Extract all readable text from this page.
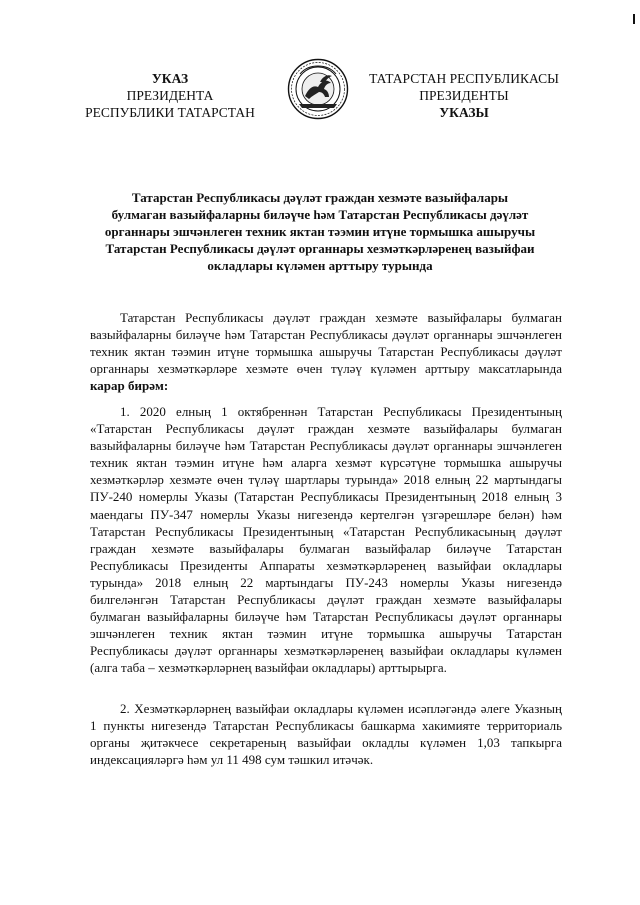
УКАЗ
ПРЕЗИДЕНТА
РЕСПУБЛИКИ ТАТАРСТАН
ТАТАРСТАН РЕСПУБЛИКАСЫ
ПРЕЗИДЕНТЫ
УКАЗЫ
Татарстан Республикасы дәүләт граждан хезмәте вазыйфалары
булмаган вазыйфаларны биләүче һәм Татарстан Республикасы дәүләт
органнары эшчәнлеген техник яктан тәэмин итүне тормышка ашыручы
Татарстан Республикасы дәүләт органнары хезмәткәрләренең вазыйфаи
окладлары күләмен арттыру турында

Татарстан Республикасы дәүләт граждан хезмәте вазыйфалары булмаган вазыйфаларны биләүче һәм Татарстан Республикасы дәүләт органнары эшчәнлеген техник яктан тәэмин итүне тормышка ашыручы Татарстан Республикасы дәүләт органнары хезмәткәрләре хезмәте өчен түләү күләмен арттыру максатларында карар бирәм:

1. 2020 елның 1 октябреннән Татарстан Республикасы Президентының «Татарстан Республикасы дәүләт граждан хезмәте вазыйфалары булмаган вазыйфаларны биләүче һәм Татарстан Республикасы дәүләт органнары эшчәнлеген техник яктан тәэмин итүне һәм аларга хезмәт күрсәтүне тормышка ашыручы хезмәткәрләр хезмәте өчен түләү шартлары турында» 2018 елның 22 мартындагы ПУ-240 номерлы Указы (Татарстан Республикасы Президентының 2018 елның 3 маендагы ПУ-347 номерлы Указы нигезендә кертелгән үзгәрешләре белән) һәм Татарстан Республикасы Президентының «Татарстан Республикасының дәүләт граждан хезмәте вазыйфалары булмаган вазыйфалар биләүче Татарстан Республикасы Президенты Аппараты хезмәткәрләренең вазыйфаи окладлары турында» 2018 елның 22 мартындагы ПУ-243 номерлы Указы нигезендә билгеләнгән Татарстан Республикасы дәүләт граждан хезмәте вазыйфалары булмаган вазыйфаларны биләүче һәм Татарстан Республикасы дәүләт органнары эшчәнлеген техник яктан тәэмин итүне тормышка ашыручы Татарстан Республикасы дәүләт органнары хезмәткәрләренең вазыйфаи окладлары күләмен (алга таба – хезмәткәрләрнең вазыйфаи окладлары) арттырырга.

2. Хезмәткәрләрнең вазыйфаи окладлары күләмен исәпләгәндә әлеге Указның 1 пункты нигезендә Татарстан Республикасы башкарма хакимияте территориаль органы җитәкчесе секретареның вазыйфаи окладлы күләмен 1,03 тапкырга индексацияләргә һәм ул 11 498 сум тәшкил итәчәк.
